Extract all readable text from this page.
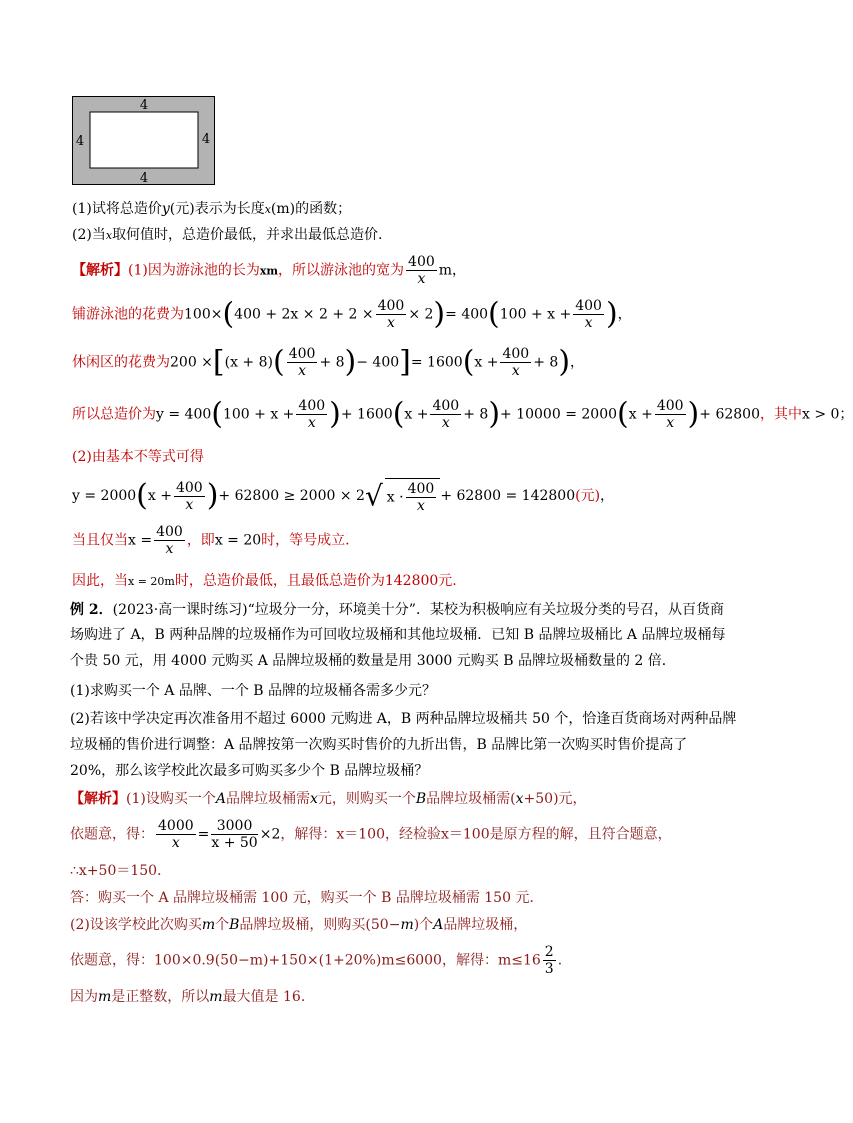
4
4	4
4
(1)试将总造价y(元)表示为长度x(m)的函数；
(2)当x取何值时，总造价最低，并求出最低总造价.
【解析】(1)因为游泳池的长为xm，所以游泳池的宽为 $\frac{400}{x}$ m，
铺游泳池的花费为$100\times(400 + 2x \times 2 + 2 \times \frac{400}{x} \times 2)= 400(100 + x + \frac{400}{x}$ )，
休闲区的花费为$200 \times[(x + 8)( \frac{400}{x} + 8)- 400]= 1600(x + \frac{400}{x} + 8)$，
所以总造价为$y = 400(100 + x + \frac{400}{x}$ )+ $1600(x + \frac{400}{x} + 8)+ 10000 = 2000(x + \frac{400}{x}$ )+ 62800，其中x > 0；
(2)由基本不等式可得
$y = 2000(x + \frac{400}{x}$ )+ 62800 ≥ 2000 × 2√ $x \cdot \frac{400}{x} + 62800 = 142800$(元)，
当且仅当$x = \frac{400}{x}$ ，即x = 20时，等号成立.
因此，当x = 20m时，总造价最低，且最低总造价为142800元.
例 2．(2023·高一课时练习)“垃圾分一分，环境美十分”．某校为积极响应有关垃圾分类的号召，从百货商
场购进了 A，B 两种品牌的垃圾桶作为可回收垃圾桶和其他垃圾桶．已知 B 品牌垃圾桶比 A 品牌垃圾桶每
个贵 50 元，用 4000 元购买 A 品牌垃圾桶的数量是用 3000 元购买 B 品牌垃圾桶数量的 2 倍．
(1)求购买一个 A 品牌、一个 B 品牌的垃圾桶各需多少元？
(2)若该中学决定再次准备用不超过 6000 元购进 A，B 两种品牌垃圾桶共 50 个，恰逢百货商场对两种品牌
垃圾桶的售价进行调整：A 品牌按第一次购买时售价的九折出售，B 品牌比第一次购买时售价提高了
20%，那么该学校此次最多可购买多少个 B 品牌垃圾桶？
【解析】(1)设购买一个A品牌垃圾桶需x元，则购买一个B品牌垃圾桶需(x+50)元，
依题意，得： $\frac{4000}{x} = \frac{3000}{x + 50} \times 2$，解得：x＝100，经检验x＝100是原方程的解，且符合题意，
∴x+50＝150．
答：购买一个 A 品牌垃圾桶需 100 元，购买一个 B 品牌垃圾桶需 150 元．
(2)设该学校此次购买m个B品牌垃圾桶，则购买(50−m)个A品牌垃圾桶，
依题意，得：100×0.9(50−m)+150×(1+20%)m≤6000，解得：$m\le 16 \frac{2}{3}$ ．
因为m是正整数，所以m最大值是 16．
